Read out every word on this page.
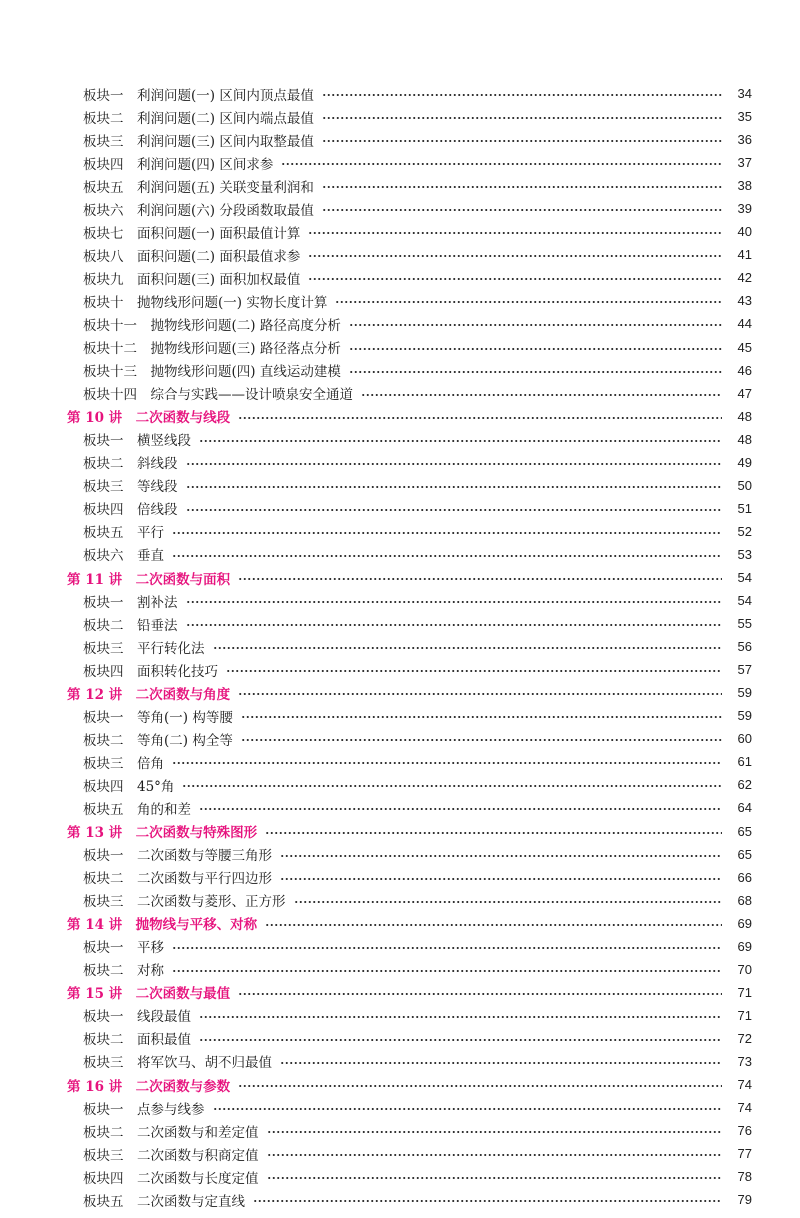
板块一　利润问题(一) 区间内顶点最值	34
板块二　利润问题(二) 区间内端点最值	35
板块三　利润问题(三) 区间内取整最值	36
板块四　利润问题(四) 区间求参	37
板块五　利润问题(五) 关联变量利润和	38
板块六　利润问题(六) 分段函数取最值	39
板块七　面积问题(一) 面积最值计算	40
板块八　面积问题(二) 面积最值求参	41
板块九　面积问题(三) 面积加权最值	42
板块十　抛物线形问题(一) 实物长度计算	43
板块十一　抛物线形问题(二) 路径高度分析	44
板块十二　抛物线形问题(三) 路径落点分析	45
板块十三　抛物线形问题(四) 直线运动建模	46
板块十四　综合与实践——设计喷泉安全通道	47
第 10 讲　二次函数与线段	48
板块一　横竖线段	48
板块二　斜线段	49
板块三　等线段	50
板块四　倍线段	51
板块五　平行	52
板块六　垂直	53
第 11 讲　二次函数与面积	54
板块一　割补法	54
板块二　铅垂法	55
板块三　平行转化法	56
板块四　面积转化技巧	57
第 12 讲　二次函数与角度	59
板块一　等角(一) 构等腰	59
板块二　等角(二) 构全等	60
板块三　倍角	61
板块四　45°角	62
板块五　角的和差	64
第 13 讲　二次函数与特殊图形	65
板块一　二次函数与等腰三角形	65
板块二　二次函数与平行四边形	66
板块三　二次函数与菱形、正方形	68
第 14 讲　抛物线与平移、对称	69
板块一　平移	69
板块二　对称	70
第 15 讲　二次函数与最值	71
板块一　线段最值	71
板块二　面积最值	72
板块三　将军饮马、胡不归最值	73
第 16 讲　二次函数与参数	74
板块一　点参与线参	74
板块二　二次函数与和差定值	76
板块三　二次函数与积商定值	77
板块四　二次函数与长度定值	78
板块五　二次函数与定直线	79
